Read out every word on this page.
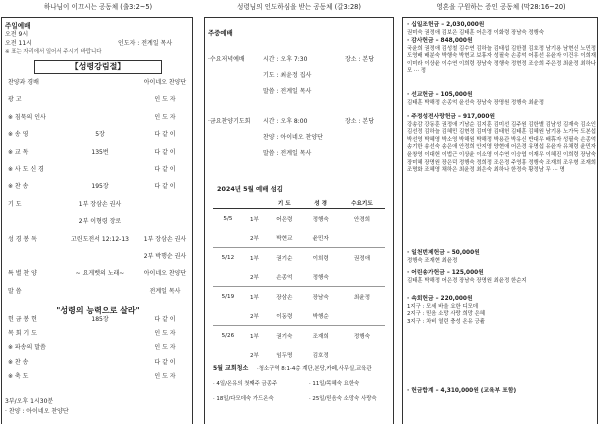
하나님이 이끄시는 공동체 (출3:2~5)
주일예배
오전 9시
오전 11시	인도자 : 전계일 목사
※ 표는 자리에서 일어서 주시기 바랍니다
【성령강림절】
찬양과 경배	아이네오 찬양단
광 고	인 도 자
※ 침묵의 인사	인 도 자
※ 송 영	5장	다 같 이
※ 교 독	135번	다 같 이
※ 사 도 신 경	다 같 이
※ 찬 송	195장	다 같 이
기 도	1부 장삼손 권사
2부 이형령 장로
성 경 봉 독	고린도전서 12:12-13	1부 장삼손 권사
2부 박행순 권사
특 별 찬 양	~ 요게벳의 노래~	아이네오 찬양단
말 씀	전계일 목사
"성령의 능력으로 살라"
헌 금 봉 헌	185장	다 같 이
목 회 기 도	인 도 자
※ 파송의 말씀	인 도 자
※ 찬 송	다 같 이
※ 축 도	인 도 자
3부/오후 1시30분
· 찬양 : 아이네오 찬양단
성령님의 인도하심을 받는 공동체 (갈3:28)
주중예배
·수요저녁예배	시간 : 오후 7:30	장소 : 본당
기도 : 최윤정 집사
말씀 : 전계일 목사
·금요찬양기도회 시간 : 오후 8:00	장소 : 본당
찬양 : 아이네오 찬양단
말씀 : 전계일 목사
2024년 5월 예배 섬김
		기 도	성 경	수요기도
5/5	1부	어은령	정행숙	안경희
	2부	박현교	윤민자	
5/12	1부	권기순	이희령	권정애
	2부	손종억	정행숙	
5/19	1부	장삼손	장남숙	최윤정
	2부	이동령	박행순	
5/26	1부	권기숙	조재희	정행숙
	2부	임두명	김호정	
5월 교회청소 ·청소구역 8:1-4층 계단,본당,카페,사무실,교육관
· 4일/온유의 첫째주 금종주	· 11일/목혜숙 요한숙
· 18일/다모데숙 가드온숙	· 25일/믿음숙 소망숙 사랑숙
영혼을 구원하는 증인 공동체 (막28:16~20)
· 십일조헌금 – 2,030,000원
권미숙 권정애 김보은 김태훈 어은경 이화령 장남숙 정행숙
· 감사헌금 – 848,000원
국윤희 권정애 김성철 김수연 김하늘 김태섭 김한결 김호정 남기용 남현신 노민정 도영배 배분숙 박행숙 박현교 보휴자 성필숙 손종억 어흥선 유윤자 이건우 이희재 이미라 이상윤 이수연 이희령 장남숙 정행숙 정현정 조승희 주은정 최윤정 최하나 모 ··· 정
· 선교헌금 – 105,000원
김태훈 박해정 손종억 윤선숙 장남숙 장명원 정행숙 최윤정
· 주정성전사랑헌금 – 917,000원
강송감 강동훈 권정애 기남순 김지훈 김미선 김주원 김한별 김남성 김재숙 김소인 김선정 김하늘 김혜민 김현정 김미영 김태헌 김태훈 김혜원 남기용 노가득 도본섭 박선영 박혜영 박소영 박해원 박해정 박용관 박유신 반대우 배휴자 성필숙 손종억 송기한 송선숙 송은애 안정희 안지영 양현애 어은경 유명섭 유윤자 유채령 윤민자 윤창영 이대헌 이법근 이상윤 이소영 이수연 이승엽 이재우 이혜진 이희령 장남숙 장미혜 장명원 장은덕 정행숙 정희정 조은정 주영흥 정행숙 조재희 조우형 조재희 조명화 조혜영 채하은 최윤정 최은숙 최하나 한정숙 황정남 무 ··· 명
· 일천번제헌금 – 50,000원
정행숙 조재현 최윤정
· 어린송가헌금 – 125,000원
김태훈 박해정 어은경 장남숙 장명원 최윤정 한순지
· 속회헌금 – 220,000원
1지구 : 모세 바울 요한 디모데
2지구 : 믿음 소망 사랑 희망 은혜
3지구 : 차비 열린 충성 온유 긍휼
· 헌금합계 – 4,310,000원 (교육부 포함)
